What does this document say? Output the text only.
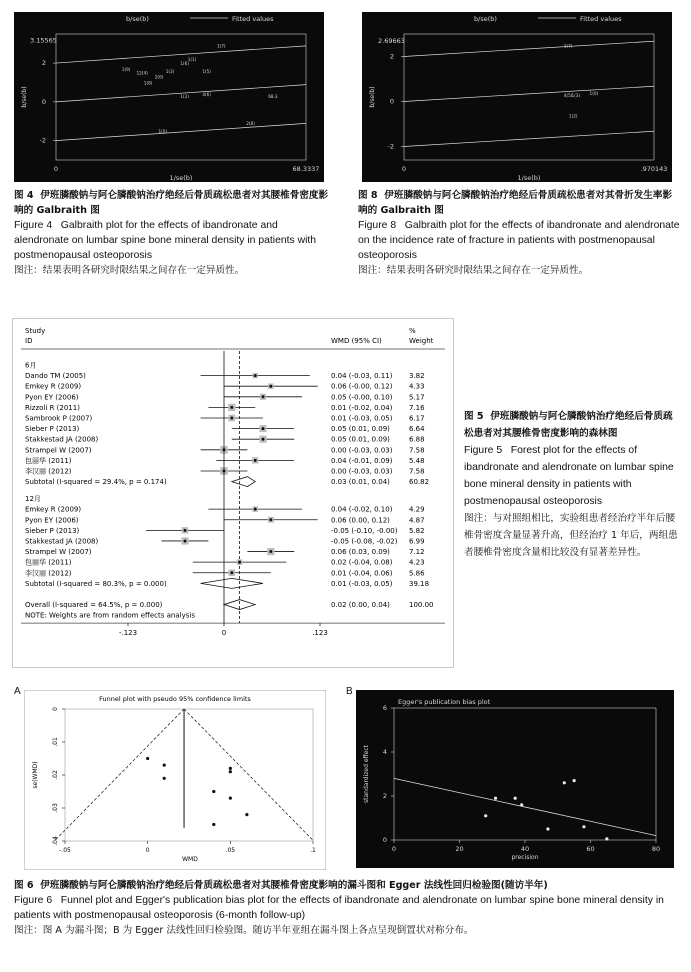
b/se(b)	Fitted values
3.15565
2
0
-2
b/se(b)
0	68.3337
1/se(b)
1(9)
12(4)
1(8)
2(6)
1(3)
1(6)
1(1)
1(5)
1(2)	4(6)
1(7)
68.3
1(0)
2(8)
图 4 伊班膦酸钠与阿仑膦酸钠治疗绝经后骨质疏松患者对其腰椎骨密度影响的 Galbraith 图
Figure 4 Galbraith plot for the effects of ibandronate and alendronate on lumbar spine bone mineral density in patients with postmenopausal osteoporosis
图注：结果表明各研究时限结果之间存在一定异质性。
b/se(b)	Fitted values
2.69663
2
0
-2
b/se(b)
0	.970143
1/se(b)
1(7)
4(5) 1(3) 1(0)
1(2)
图 8 伊班膦酸钠与阿仑膦酸钠治疗绝经后骨质疏松患者对其骨折发生率影响的 Galbraith 图
Figure 8 Galbraith plot for the effects of ibandronate and alendronate on the incidence rate of fracture in patients with postmenopausal osteoporosis
图注：结果表明各研究时限结果之间存在一定异质性。
Study
ID	WMD (95% CI)
%
Weight
6月
Dando TM (2005)	0.04 (-0.03, 0.11) 3.82
Emkey R (2009)	0.06 (-0.00, 0.12) 4.33
Pyon EY (2006)	0.05 (-0.00, 0.10) 5.17
Rizzoli R (2011)	0.01 (-0.02, 0.04) 7.16
Sambrook P (2007)	0.01 (-0.03, 0.05) 6.17
Sieber P (2013)	0.05 (0.01, 0.09)	6.64
Stakkestad JA (2008)	0.05 (0.01, 0.09)	6.88
Strampel W (2007)	0.00 (-0.03, 0.03) 7.58
包丽华 (2011)	0.04 (-0.01, 0.09) 5.48
李汉丽 (2012)	0.00 (-0.03, 0.03) 7.58
Subtotal (I-squared = 29.4%, p = 0.174)	0.03 (0.01, 0.04)	60.82
12月
Emkey R (2009)	0.04 (-0.02, 0.10) 4.29
Pyon EY (2006)	0.06 (0.00, 0.12)	4.87
Sieber P (2013)	-0.05 (-0.10, -0.00) 5.82
Stakkestad JA (2008)	-0.05 (-0.08, -0.02) 6.99
Strampel W (2007)	0.06 (0.03, 0.09)	7.12
包丽华 (2011)	0.02 (-0.04, 0.08) 4.23
李汉丽 (2012)	0.01 (-0.04, 0.06) 5.86
Subtotal (I-squared = 80.3%, p = 0.000)	0.01 (-0.03, 0.05) 39.18
Overall (I-squared = 64.5%, p = 0.000)	0.02 (0.00, 0.04)	100.00
NOTE: Weights are from random effects analysis
-.123	0	.123
图 5 伊班膦酸钠与阿仑膦酸钠治疗绝经后骨质疏松患者对其腰椎骨密度影响的森林图
Figure 5 Forest plot for the effects of ibandronate and alendronate on lumbar spine bone mineral density in patients with postmenopausal osteoporosis
图注：与对照组相比，实验组患者经治疗半年后腰椎骨密度含量显著升高，但经治疗 1 年后，两组患者腰椎骨密度含量相比较没有显著差异性。
A
Funnel plot with pseudo 95% confidence limits
0
.01
.02
.03
.04
se(WMD)
-.05	0	.05	.1
WMD
B
Egger's publication bias plot
0
2
4
6
standardized effect
0	20	40	60	80
precision
图 6 伊班膦酸钠与阿仑膦酸钠治疗绝经后骨质疏松患者对其腰椎骨密度影响的漏斗图和 Egger 法线性回归检验图(随访半年)
Figure 6 Funnel plot and Egger's publication bias plot for the effects of ibandronate and alendronate on lumbar spine bone mineral density in patients with postmenopausal osteoporosis (6-month follow-up)
图注：图 A 为漏斗图；B 为 Egger 法线性回归检验图。随访半年亚组在漏斗图上各点呈现倒置状对称分布。
